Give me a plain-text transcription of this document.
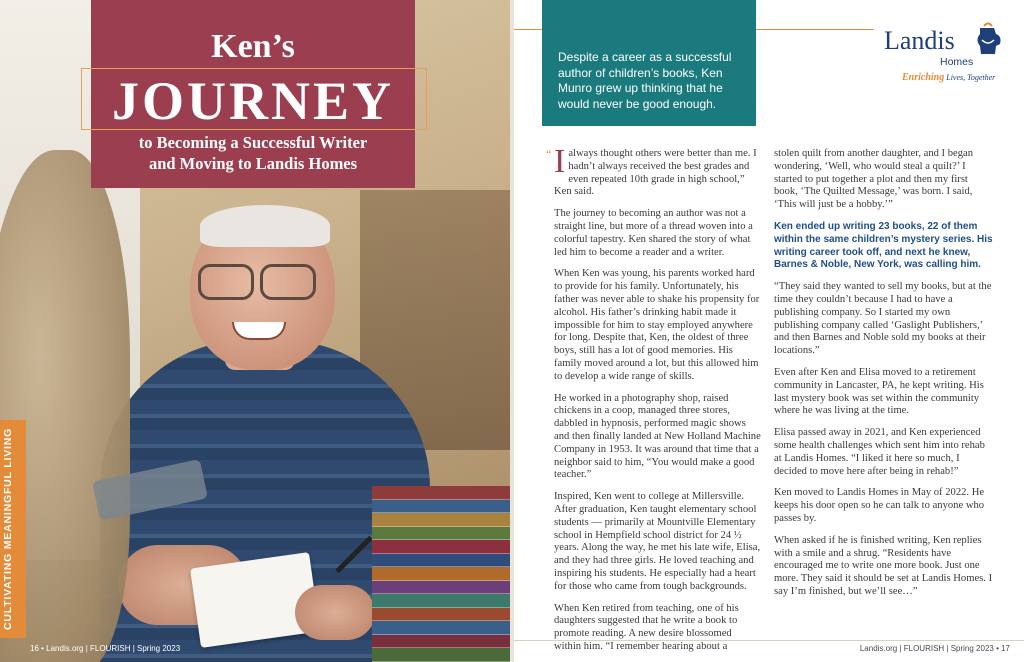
Ken’s
JOURNEY
to Becoming a Successful Writer
and Moving to Landis Homes
CULTIVATING MEANINGFUL LIVING
16 • Landis.org | FLOURISH | Spring 2023
Despite a career as a successful author of children’s books, Ken Munro grew up thinking that he would never be good enough.
Landis
Homes
Enriching Lives, Together
“ Ialways thought others were better than me. I hadn’t always received the best grades and even repeated 10th grade in high school,” Ken said.

The journey to becoming an author was not a straight line, but more of a thread woven into a colorful tapestry. Ken shared the story of what led him to become a reader and a writer.

When Ken was young, his parents worked hard to provide for his family. Unfortunately, his father was never able to shake his propensity for alcohol. His father’s drinking habit made it impossible for him to stay employed anywhere for long. Despite that, Ken, the oldest of three boys, still has a lot of good memories. His family moved around a lot, but this allowed him to develop a wide range of skills.

He worked in a photography shop, raised chickens in a coop, managed three stores, dabbled in hypnosis, performed magic shows and then finally landed at New Holland Machine Company in 1953. It was around that time that a neighbor said to him, “You would make a good teacher.”

Inspired, Ken went to college at Millersville. After graduation, Ken taught elementary school students — primarily at Mountville Elementary school in Hempfield school district for 24 ½ years. Along the way, he met his late wife, Elisa, and they had three girls. He loved teaching and inspiring his students. He especially had a heart for those who came from tough backgrounds.

When Ken retired from teaching, one of his daughters suggested that he write a book to promote reading. A new desire blossomed within him. “I remember hearing about a

stolen quilt from another daughter, and I began wondering, ‘Well, who would steal a quilt?’ I started to put together a plot and then my first book, ‘The Quilted Message,’ was born. I said, ‘This will just be a hobby.’”

Ken ended up writing 23 books, 22 of them within the same children’s mystery series. His writing career took off, and next he knew, Barnes & Noble, New York, was calling him.

“They said they wanted to sell my books, but at the time they couldn’t because I had to have a publishing company. So I started my own publishing company called ‘Gaslight Publishers,’ and then Barnes and Noble sold my books at their locations.”

Even after Ken and Elisa moved to a retirement community in Lancaster, PA, he kept writing. His last mystery book was set within the community where he was living at the time.

Elisa passed away in 2021, and Ken experienced some health challenges which sent him into rehab at Landis Homes. “I liked it here so much, I decided to move here after being in rehab!”

Ken moved to Landis Homes in May of 2022. He keeps his door open so he can talk to anyone who passes by.

When asked if he is finished writing, Ken replies with a smile and a shrug. “Residents have encouraged me to write one more book. Just one more. They said it should be set at Landis Homes. I say I’m finished, but we’ll see…”

Landis.org | FLOURISH | Spring 2023 • 17
